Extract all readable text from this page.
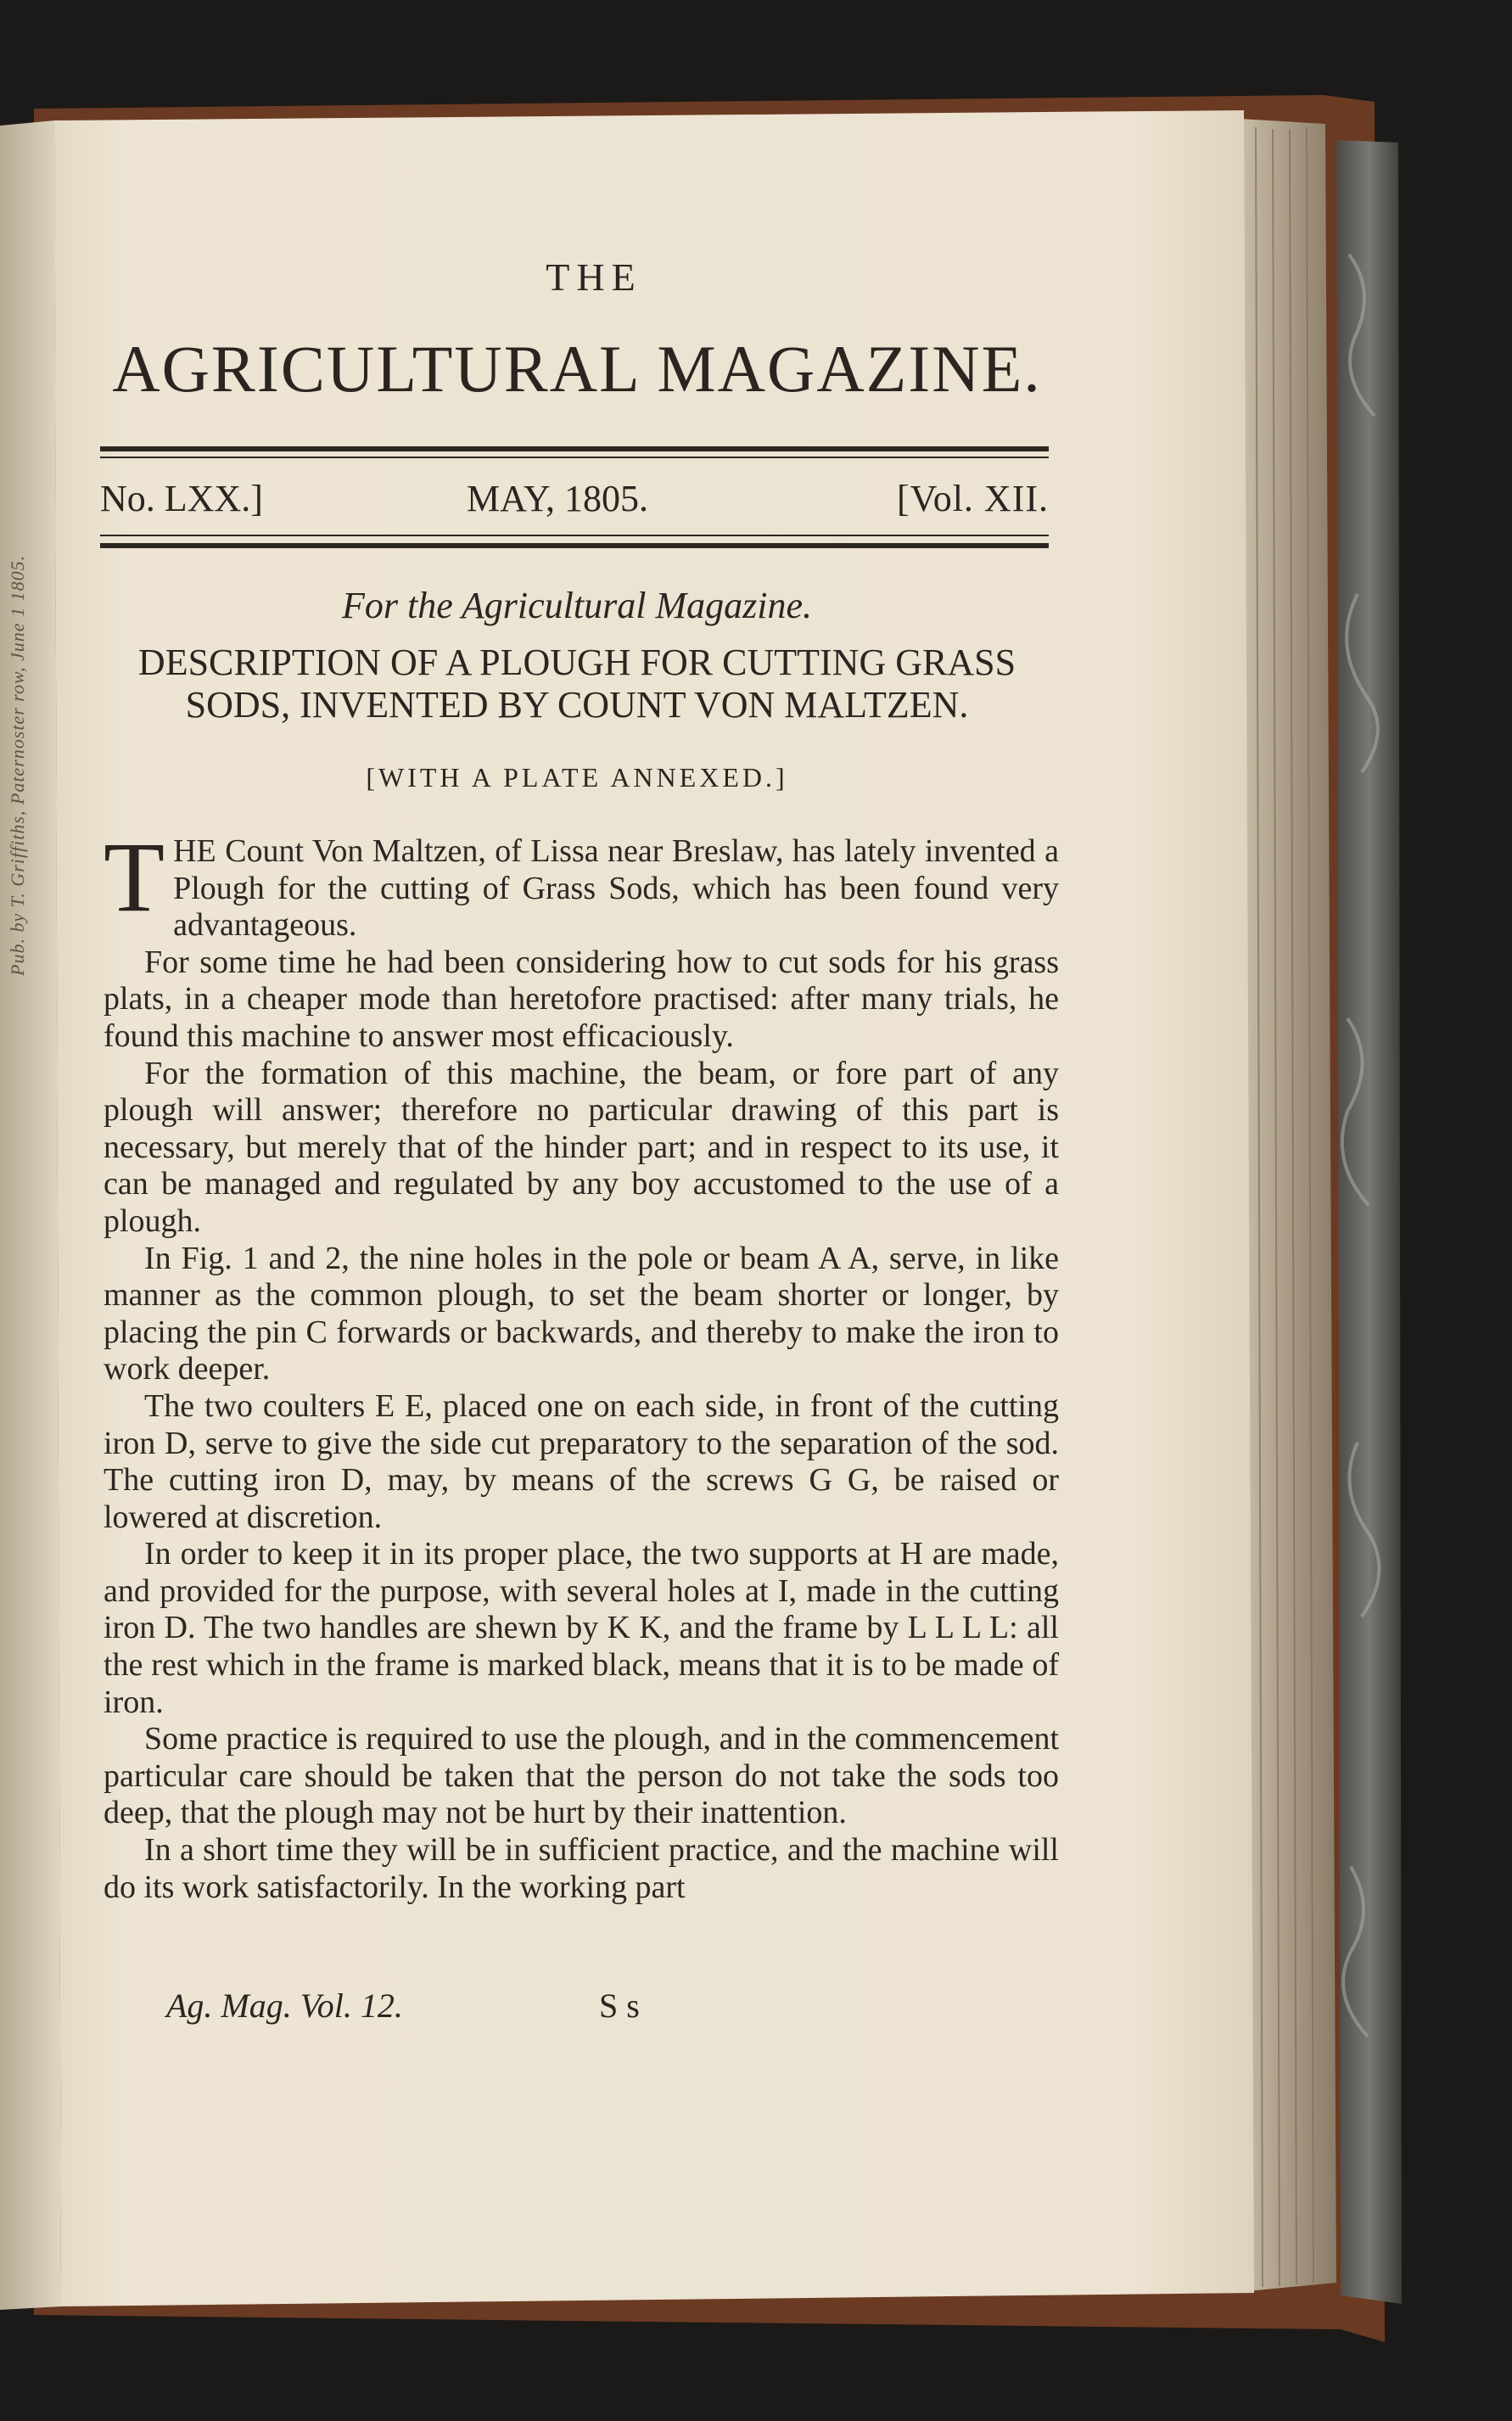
Pub. by T. Griffiths, Paternoster row, June 1 1805.
THE
AGRICULTURAL MAGAZINE.
No. LXX.]	MAY, 1805.	[Vol. XII.
For the Agricultural Magazine.
DESCRIPTION OF A PLOUGH FOR CUTTING GRASS SODS, INVENTED BY COUNT VON MALTZEN.
[WITH A PLATE ANNEXED.]

THE Count Von Maltzen, of Lissa near Breslaw, has lately invented a Plough for the cutting of Grass Sods, which has been found very advantageous.

For some time he had been considering how to cut sods for his grass plats, in a cheaper mode than heretofore practised: after many trials, he found this machine to answer most efficaciously.

For the formation of this machine, the beam, or fore part of any plough will answer; therefore no particular drawing of this part is necessary, but merely that of the hinder part; and in respect to its use, it can be managed and regulated by any boy accustomed to the use of a plough.

In Fig. 1 and 2, the nine holes in the pole or beam A A, serve, in like manner as the common plough, to set the beam shorter or longer, by placing the pin C forwards or backwards, and thereby to make the iron to work deeper.

The two coulters E E, placed one on each side, in front of the cutting iron D, serve to give the side cut preparatory to the separation of the sod. The cutting iron D, may, by means of the screws G G, be raised or lowered at discretion.

In order to keep it in its proper place, the two supports at H are made, and provided for the purpose, with several holes at I, made in the cutting iron D. The two handles are shewn by K K, and the frame by L L L L: all the rest which in the frame is marked black, means that it is to be made of iron.

Some practice is required to use the plough, and in the commencement particular care should be taken that the person do not take the sods too deep, that the plough may not be hurt by their inattention.

In a short time they will be in sufficient practice, and the machine will do its work satisfactorily. In the working part

Ag. Mag. Vol. 12.	S s
